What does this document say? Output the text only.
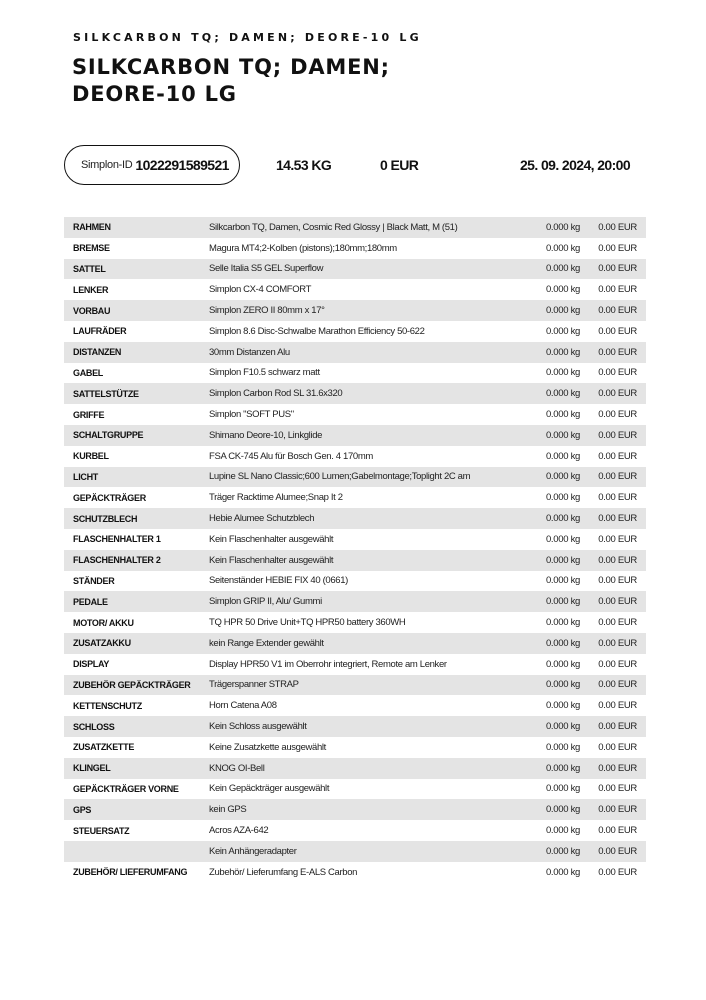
SILKCARBON TQ; DAMEN; DEORE-10 LG
SILKCARBON TQ; DAMEN; DEORE-10 LG
Simplon-ID 1022291589521	14.53 KG	0 EUR	25. 09. 2024, 20:00
RAHMEN	Silkcarbon TQ, Damen, Cosmic Red Glossy | Black Matt, M (51)	0.000 kg	0.00 EUR
BREMSE	Magura MT4;2-Kolben (pistons);180mm;180mm	0.000 kg	0.00 EUR
SATTEL	Selle Italia S5 GEL Superflow	0.000 kg	0.00 EUR
LENKER	Simplon CX-4 COMFORT	0.000 kg	0.00 EUR
VORBAU	Simplon ZERO II 80mm x 17°	0.000 kg	0.00 EUR
LAUFRÄDER	Simplon 8.6 Disc-Schwalbe Marathon Efficiency 50-622	0.000 kg	0.00 EUR
DISTANZEN	30mm Distanzen Alu	0.000 kg	0.00 EUR
GABEL	Simplon F10.5 schwarz matt	0.000 kg	0.00 EUR
SATTELSTÜTZE	Simplon Carbon Rod SL 31.6x320	0.000 kg	0.00 EUR
GRIFFE	Simplon "SOFT PUS"	0.000 kg	0.00 EUR
SCHALTGRUPPE	Shimano Deore-10, Linkglide	0.000 kg	0.00 EUR
KURBEL	FSA CK-745 Alu für Bosch Gen. 4 170mm	0.000 kg	0.00 EUR
LICHT	Lupine SL Nano Classic;600 Lumen;Gabelmontage;Toplight 2C am	0.000 kg	0.00 EUR
GEPÄCKTRÄGER	Träger Racktime Alumee;Snap It 2	0.000 kg	0.00 EUR
SCHUTZBLECH	Hebie Alumee Schutzblech	0.000 kg	0.00 EUR
FLASCHENHALTER 1	Kein Flaschenhalter ausgewählt	0.000 kg	0.00 EUR
FLASCHENHALTER 2	Kein Flaschenhalter ausgewählt	0.000 kg	0.00 EUR
STÄNDER	Seitenständer HEBIE FIX 40 (0661)	0.000 kg	0.00 EUR
PEDALE	Simplon GRIP II, Alu/ Gummi	0.000 kg	0.00 EUR
MOTOR/ AKKU	TQ HPR 50 Drive Unit+TQ HPR50 battery 360WH	0.000 kg	0.00 EUR
ZUSATZAKKU	kein Range Extender gewählt	0.000 kg	0.00 EUR
DISPLAY	Display HPR50 V1 im Oberrohr integriert, Remote am Lenker	0.000 kg	0.00 EUR
ZUBEHÖR GEPÄCKTRÄGER	Trägerspanner STRAP	0.000 kg	0.00 EUR
KETTENSCHUTZ	Horn Catena A08	0.000 kg	0.00 EUR
SCHLOSS	Kein Schloss ausgewählt	0.000 kg	0.00 EUR
ZUSATZKETTE	Keine Zusatzkette ausgewählt	0.000 kg	0.00 EUR
KLINGEL	KNOG OI-Bell	0.000 kg	0.00 EUR
GEPÄCKTRÄGER VORNE	Kein Gepäckträger ausgewählt	0.000 kg	0.00 EUR
GPS	kein GPS	0.000 kg	0.00 EUR
STEUERSATZ	Acros AZA-642	0.000 kg	0.00 EUR
	Kein Anhängeradapter	0.000 kg	0.00 EUR
ZUBEHÖR/ LIEFERUMFANG	Zubehör/ Lieferumfang E-ALS Carbon	0.000 kg	0.00 EUR
